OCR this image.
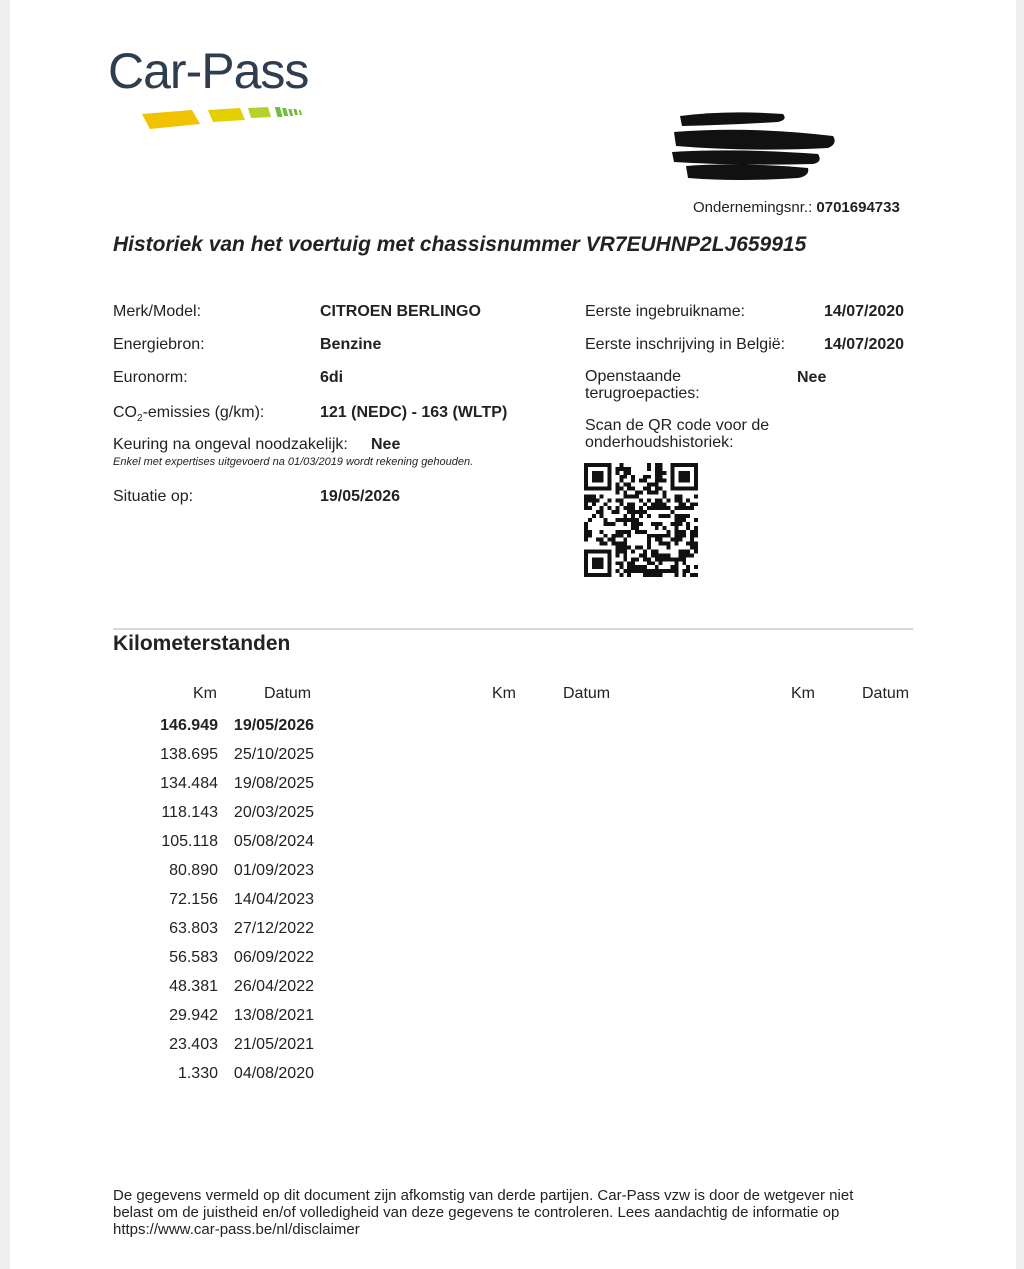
Car-Pass
Ondernemingsnr.: 0701694733
Historiek van het voertuig met chassisnummer VR7EUHNP2LJ659915
Merk/Model:	CITROEN BERLINGO
Energiebron:	Benzine
Euronorm:	6di
$CO_2$-emissies (g/km):	121 (NEDC) - 163 (WLTP)
Keuring na ongeval noodzakelijk: Nee
Enkel met expertises uitgevoerd na 01/03/2019 wordt rekening gehouden.
Situatie op:	19/05/2026
Eerste ingebruikname:	14/07/2020
Eerste inschrijving in België: 14/07/2020
Openstaande
terugroepacties:
Nee
Scan de QR code voor de
onderhoudshistoriek:
Kilometerstanden
Km	Datum	Km	Datum	Km	Datum
146.949 19/05/2026
138.695 25/10/2025
134.484 19/08/2025
118.143 20/03/2025
105.118 05/08/2024
80.890 01/09/2023
72.156 14/04/2023
63.803 27/12/2022
56.583 06/09/2022
48.381 26/04/2022
29.942 13/08/2021
23.403 21/05/2021
1.330 04/08/2020
De gegevens vermeld op dit document zijn afkomstig van derde partijen. Car-Pass vzw is door de wetgever niet
belast om de juistheid en/of volledigheid van deze gegevens te controleren. Lees aandachtig de informatie op
https://www.car-pass.be/nl/disclaimer
